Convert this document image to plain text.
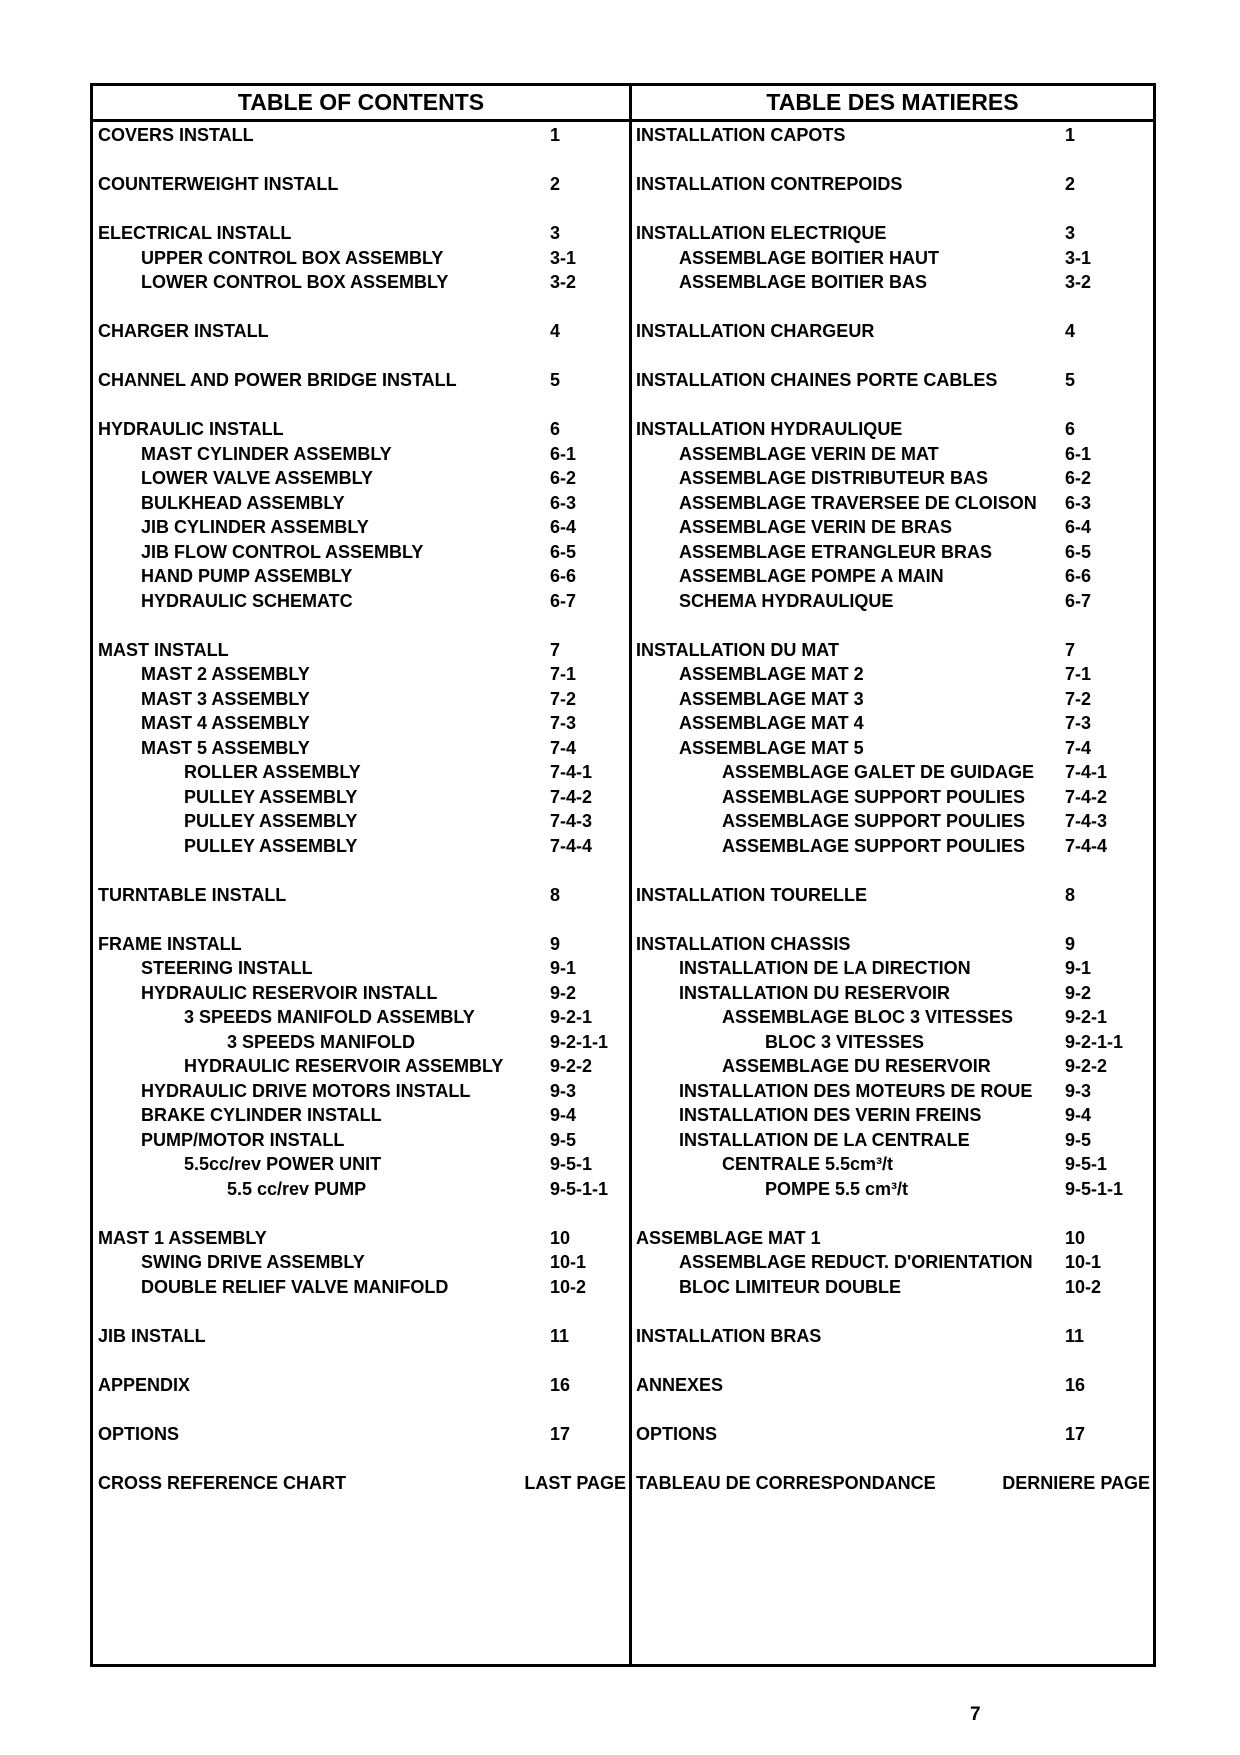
TABLE OF CONTENTS	TABLE DES MATIERES
COVERS INSTALL	1
COUNTERWEIGHT INSTALL	2
ELECTRICAL INSTALL	3
UPPER CONTROL BOX ASSEMBLY	3-1
LOWER CONTROL BOX ASSEMBLY	3-2
CHARGER INSTALL	4
CHANNEL AND POWER BRIDGE INSTALL	5
HYDRAULIC INSTALL	6
MAST CYLINDER ASSEMBLY	6-1
LOWER VALVE ASSEMBLY	6-2
BULKHEAD ASSEMBLY	6-3
JIB CYLINDER ASSEMBLY	6-4
JIB FLOW CONTROL ASSEMBLY	6-5
HAND PUMP ASSEMBLY	6-6
HYDRAULIC SCHEMATC	6-7
MAST INSTALL	7
MAST 2 ASSEMBLY	7-1
MAST 3 ASSEMBLY	7-2
MAST 4 ASSEMBLY	7-3
MAST 5 ASSEMBLY	7-4
ROLLER ASSEMBLY	7-4-1
PULLEY ASSEMBLY	7-4-2
PULLEY ASSEMBLY	7-4-3
PULLEY ASSEMBLY	7-4-4
TURNTABLE INSTALL	8
FRAME INSTALL	9
STEERING INSTALL	9-1
HYDRAULIC RESERVOIR INSTALL	9-2
3 SPEEDS MANIFOLD ASSEMBLY	9-2-1
3 SPEEDS MANIFOLD	9-2-1-1
HYDRAULIC RESERVOIR ASSEMBLY	9-2-2
HYDRAULIC DRIVE MOTORS INSTALL	9-3
BRAKE CYLINDER INSTALL	9-4
PUMP/MOTOR INSTALL	9-5
5.5cc/rev POWER UNIT	9-5-1
5.5 cc/rev PUMP	9-5-1-1
MAST 1 ASSEMBLY	10
SWING DRIVE ASSEMBLY	10-1
DOUBLE RELIEF VALVE MANIFOLD	10-2
JIB INSTALL	11
APPENDIX	16
OPTIONS	17
CROSS REFERENCE CHART	LAST PAGE
INSTALLATION CAPOTS	1
INSTALLATION CONTREPOIDS	2
INSTALLATION ELECTRIQUE	3
ASSEMBLAGE BOITIER HAUT	3-1
ASSEMBLAGE BOITIER BAS	3-2
INSTALLATION CHARGEUR	4
INSTALLATION CHAINES PORTE CABLES	5
INSTALLATION HYDRAULIQUE	6
ASSEMBLAGE VERIN DE MAT	6-1
ASSEMBLAGE DISTRIBUTEUR BAS	6-2
ASSEMBLAGE TRAVERSEE DE CLOISON 6-3
ASSEMBLAGE VERIN DE BRAS	6-4
ASSEMBLAGE ETRANGLEUR BRAS	6-5
ASSEMBLAGE POMPE A MAIN	6-6
SCHEMA HYDRAULIQUE	6-7
INSTALLATION DU MAT	7
ASSEMBLAGE MAT 2	7-1
ASSEMBLAGE MAT 3	7-2
ASSEMBLAGE MAT 4	7-3
ASSEMBLAGE MAT 5	7-4
ASSEMBLAGE GALET DE GUIDAGE 7-4-1
ASSEMBLAGE SUPPORT POULIES 7-4-2
ASSEMBLAGE SUPPORT POULIES 7-4-3
ASSEMBLAGE SUPPORT POULIES 7-4-4
INSTALLATION TOURELLE	8
INSTALLATION CHASSIS	9
INSTALLATION DE LA DIRECTION	9-1
INSTALLATION DU RESERVOIR	9-2
ASSEMBLAGE BLOC 3 VITESSES	9-2-1
BLOC 3 VITESSES	9-2-1-1
ASSEMBLAGE DU RESERVOIR	9-2-2
INSTALLATION DES MOTEURS DE ROUE 9-3
INSTALLATION DES VERIN FREINS	9-4
INSTALLATION DE LA CENTRALE	9-5
CENTRALE 5.5cm³/t	9-5-1
POMPE 5.5 cm³/t	9-5-1-1
ASSEMBLAGE MAT 1	10
ASSEMBLAGE REDUCT. D'ORIENTATION 10-1
BLOC LIMITEUR DOUBLE	10-2
INSTALLATION BRAS	11
ANNEXES	16
OPTIONS	17
TABLEAU DE CORRESPONDANCE	DERNIERE PAGE
7
